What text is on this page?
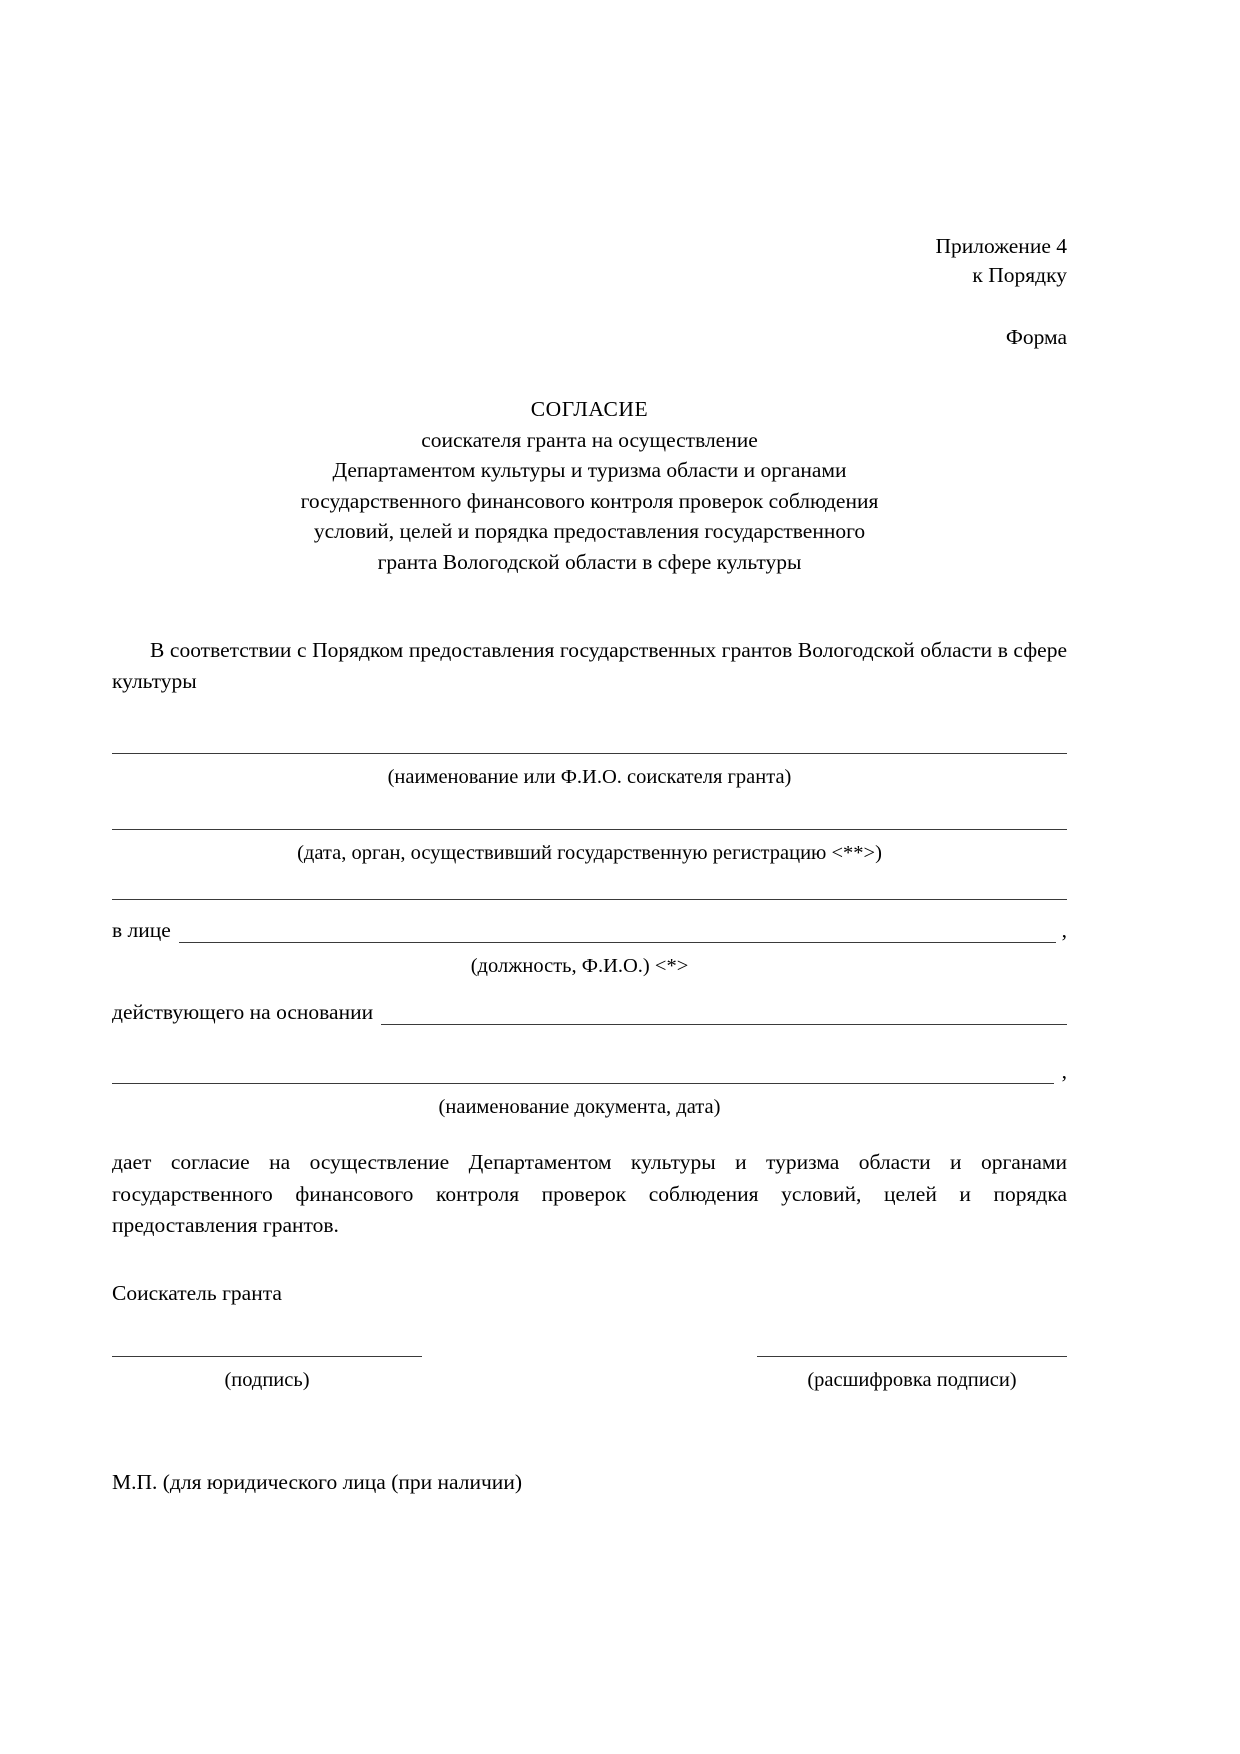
Приложение 4
к Порядку
Форма
СОГЛАСИЕ
соискателя гранта на осуществление
Департаментом культуры и туризма области и органами
государственного финансового контроля проверок соблюдения
условий, целей и порядка предоставления государственного
гранта Вологодской области в сфере культуры
В соответствии с Порядком предоставления государственных грантов Вологодской области в сфере культуры
(наименование или Ф.И.О. соискателя гранта)
(дата, орган, осуществивший государственную регистрацию <**>)
в лице	,
(должность, Ф.И.О.) <*>
действующего на основании
,
(наименование документа, дата)
дает согласие на осуществление Департаментом культуры и туризма области и органами государственного финансового контроля проверок соблюдения условий, целей и порядка предоставления грантов.
Соискатель гранта
(подпись)	(расшифровка подписи)
М.П. (для юридического лица (при наличии)
